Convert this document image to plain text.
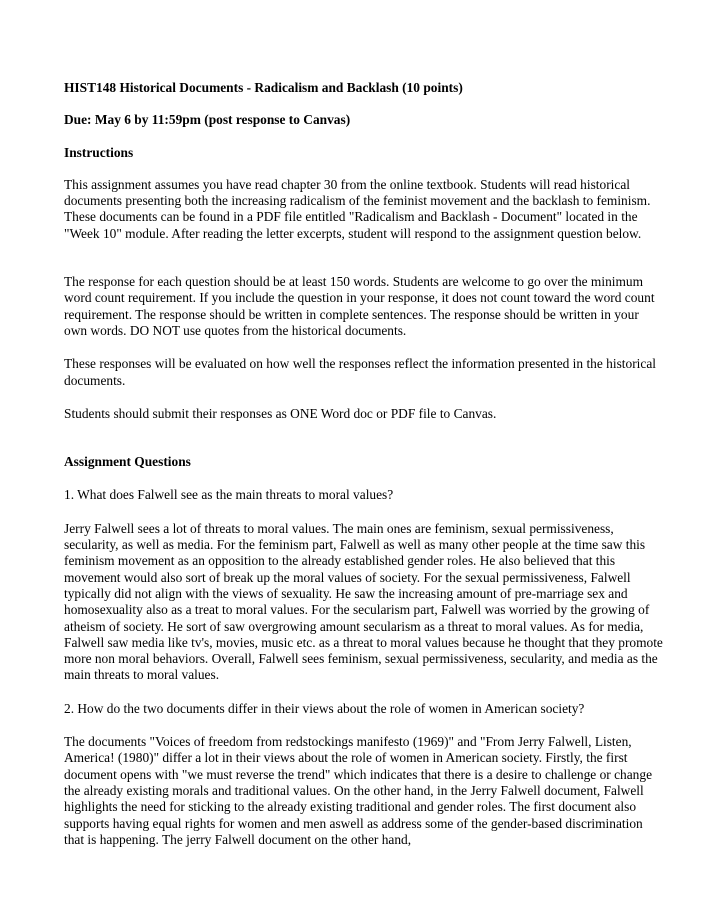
HIST148 Historical Documents - Radicalism and Backlash (10 points)

Due: May 6 by 11:59pm (post response to Canvas)

Instructions

This assignment assumes you have read chapter 30 from the online textbook. Students will read historical documents presenting both the increasing radicalism of the feminist movement and the backlash to feminism. These documents can be found in a PDF file entitled "Radicalism and Backlash - Document" located in the "Week 10" module. After reading the letter excerpts, student will respond to the assignment question below.

The response for each question should be at least 150 words. Students are welcome to go over the minimum word count requirement. If you include the question in your response, it does not count toward the word count requirement. The response should be written in complete sentences. The response should be written in your own words. DO NOT use quotes from the historical documents.

These responses will be evaluated on how well the responses reflect the information presented in the historical documents.

Students should submit their responses as ONE Word doc or PDF file to Canvas.

Assignment Questions

1. What does Falwell see as the main threats to moral values?

Jerry Falwell sees a lot of threats to moral values. The main ones are feminism, sexual permissiveness, secularity, as well as media. For the feminism part, Falwell as well as many other people at the time saw this feminism movement as an opposition to the already established gender roles. He also believed that this movement would also sort of break up the moral values of society. For the sexual permissiveness, Falwell typically did not align with the views of sexuality. He saw the increasing amount of pre-marriage sex and homosexuality also as a treat to moral values. For the secularism part, Falwell was worried by the growing of atheism of society. He sort of saw overgrowing amount secularism as a threat to moral values. As for media, Falwell saw media like tv's, movies, music etc. as a threat to moral values because he thought that they promote more non moral behaviors. Overall, Falwell sees feminism, sexual permissiveness, secularity, and media as the main threats to moral values.

2. How do the two documents differ in their views about the role of women in American society?

The documents "Voices of freedom from redstockings manifesto (1969)" and "From Jerry Falwell, Listen, America! (1980)" differ a lot in their views about the role of women in American society. Firstly, the first document opens with "we must reverse the trend" which indicates that there is a desire to challenge or change the already existing morals and traditional values. On the other hand, in the Jerry Falwell document, Falwell highlights the need for sticking to the already existing traditional and gender roles. The first document also supports having equal rights for women and men aswell as address some of the gender-based discrimination that is happening. The jerry Falwell document on the other hand,
